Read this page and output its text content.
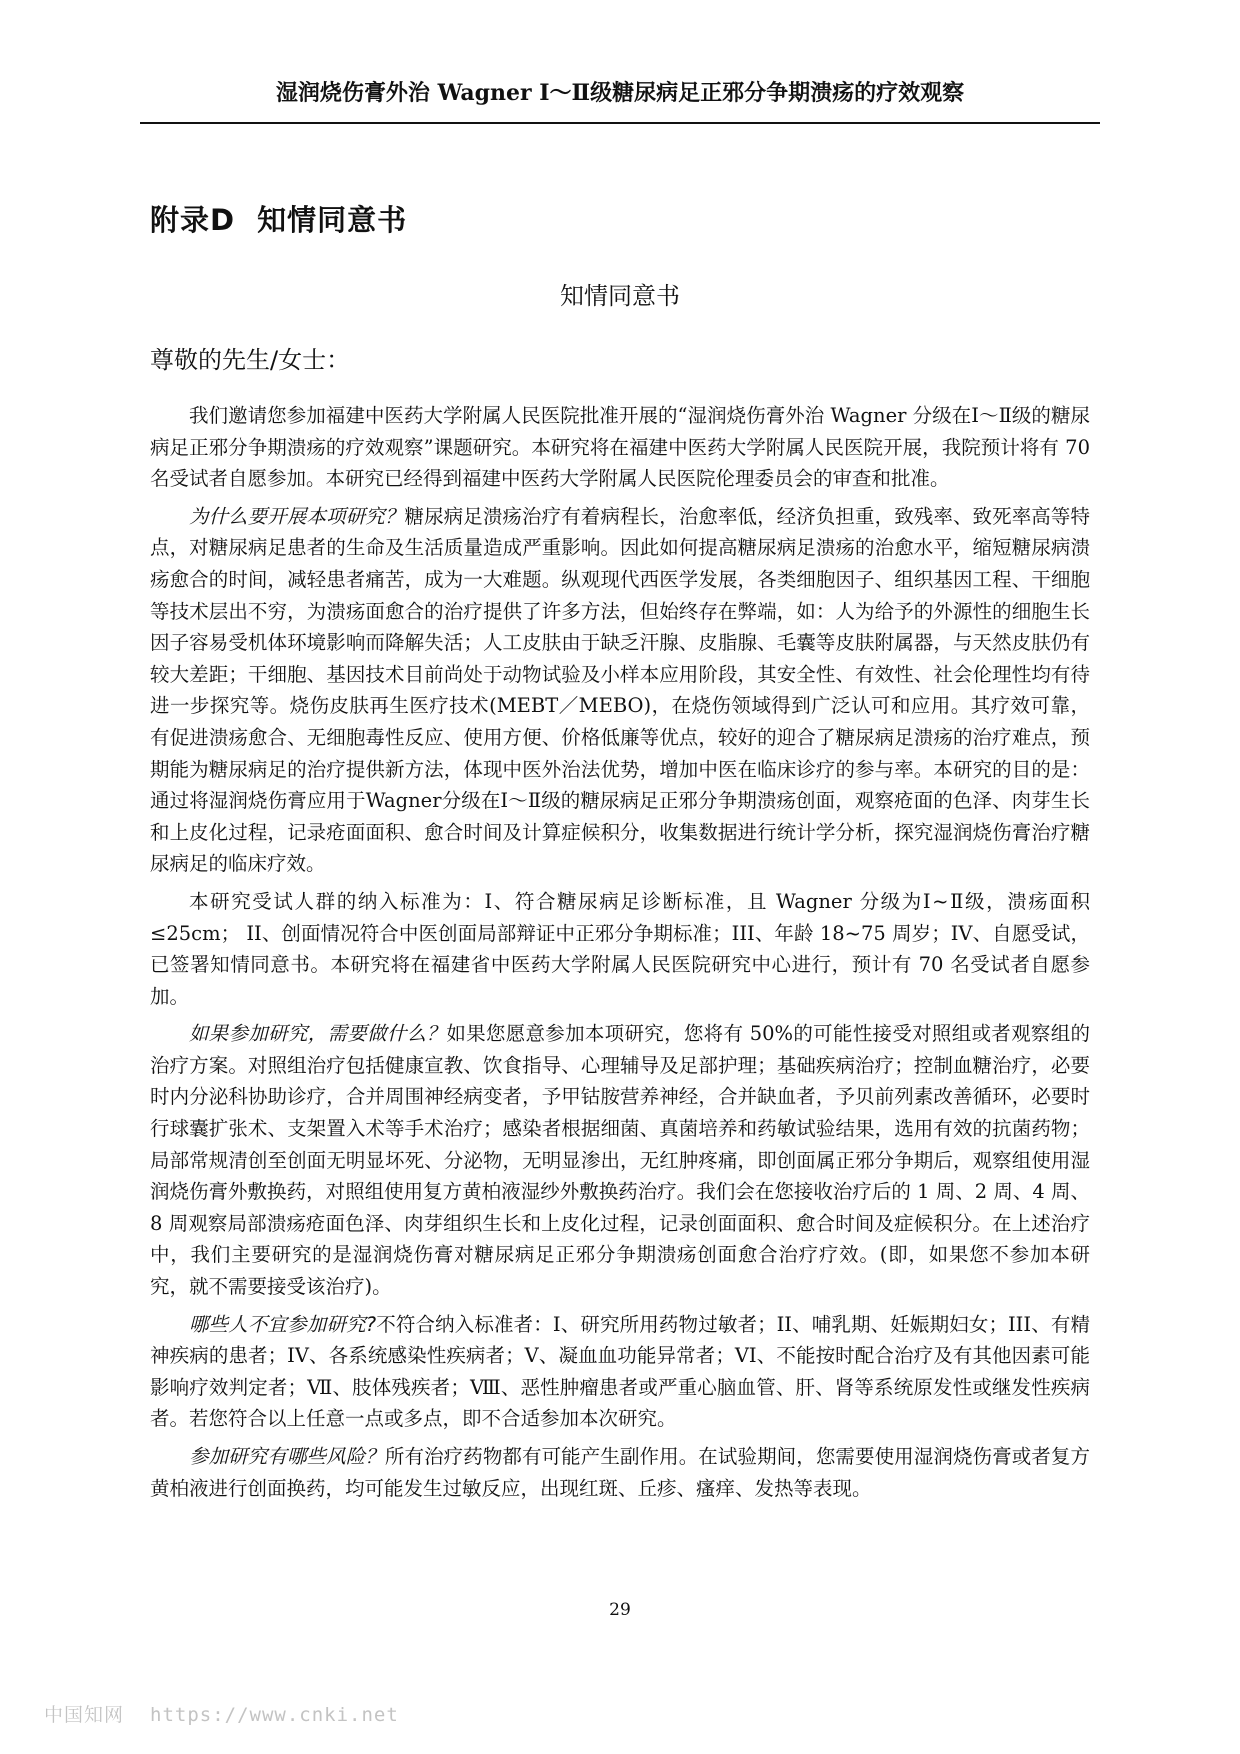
湿润烧伤膏外治 Wagner Ⅰ～Ⅱ级糖尿病足正邪分争期溃疡的疗效观察
附录D 知情同意书
知情同意书
尊敬的先生/女士：

我们邀请您参加福建中医药大学附属人民医院批准开展的“湿润烧伤膏外治 Wagner 分级在Ⅰ～Ⅱ级的糖尿病足正邪分争期溃疡的疗效观察”课题研究。本研究将在福建中医药大学附属人民医院开展，我院预计将有 70 名受试者自愿参加。本研究已经得到福建中医药大学附属人民医院伦理委员会的审查和批准。

为什么要开展本项研究？糖尿病足溃疡治疗有着病程长，治愈率低，经济负担重，致残率、致死率高等特点，对糖尿病足患者的生命及生活质量造成严重影响。因此如何提高糖尿病足溃疡的治愈水平，缩短糖尿病溃疡愈合的时间，减轻患者痛苦，成为一大难题。纵观现代西医学发展，各类细胞因子、组织基因工程、干细胞等技术层出不穷，为溃疡面愈合的治疗提供了许多方法，但始终存在弊端，如：人为给予的外源性的细胞生长因子容易受机体环境影响而降解失活；人工皮肤由于缺乏汗腺、皮脂腺、毛囊等皮肤附属器，与天然皮肤仍有较大差距；干细胞、基因技术目前尚处于动物试验及小样本应用阶段，其安全性、有效性、社会伦理性均有待进一步探究等。烧伤皮肤再生医疗技术(MEBT／MEBO)，在烧伤领域得到广泛认可和应用。其疗效可靠，有促进溃疡愈合、无细胞毒性反应、使用方便、价格低廉等优点，较好的迎合了糖尿病足溃疡的治疗难点，预期能为糖尿病足的治疗提供新方法，体现中医外治法优势，增加中医在临床诊疗的参与率。本研究的目的是：通过将湿润烧伤膏应用于Wagner分级在Ⅰ～Ⅱ级的糖尿病足正邪分争期溃疡创面，观察疮面的色泽、肉芽生长和上皮化过程，记录疮面面积、愈合时间及计算症候积分，收集数据进行统计学分析，探究湿润烧伤膏治疗糖尿病足的临床疗效。

本研究受试人群的纳入标准为：I、符合糖尿病足诊断标准，且 Wagner 分级为Ⅰ~Ⅱ级，溃疡面积≤25cm； II、创面情况符合中医创面局部辩证中正邪分争期标准；III、年龄 18~75 周岁；IV、自愿受试，已签署知情同意书。本研究将在福建省中医药大学附属人民医院研究中心进行，预计有 70 名受试者自愿参加。

如果参加研究，需要做什么？如果您愿意参加本项研究，您将有 50%的可能性接受对照组或者观察组的治疗方案。对照组治疗包括健康宣教、饮食指导、心理辅导及足部护理；基础疾病治疗；控制血糖治疗，必要时内分泌科协助诊疗，合并周围神经病变者，予甲钴胺营养神经，合并缺血者，予贝前列素改善循环，必要时行球囊扩张术、支架置入术等手术治疗；感染者根据细菌、真菌培养和药敏试验结果，选用有效的抗菌药物；局部常规清创至创面无明显坏死、分泌物，无明显渗出，无红肿疼痛，即创面属正邪分争期后，观察组使用湿润烧伤膏外敷换药，对照组使用复方黄柏液湿纱外敷换药治疗。我们会在您接收治疗后的 1 周、2 周、4 周、8 周观察局部溃疡疮面色泽、肉芽组织生长和上皮化过程，记录创面面积、愈合时间及症候积分。在上述治疗中，我们主要研究的是湿润烧伤膏对糖尿病足正邪分争期溃疡创面愈合治疗疗效。(即，如果您不参加本研究，就不需要接受该治疗)。

哪些人不宜参加研究?不符合纳入标准者：I、研究所用药物过敏者；II、哺乳期、妊娠期妇女；III、有精神疾病的患者；IV、各系统感染性疾病者；V、凝血血功能异常者；VI、不能按时配合治疗及有其他因素可能影响疗效判定者；Ⅶ、肢体残疾者；Ⅷ、恶性肿瘤患者或严重心脑血管、肝、肾等系统原发性或继发性疾病者。若您符合以上任意一点或多点，即不合适参加本次研究。

参加研究有哪些风险？所有治疗药物都有可能产生副作用。在试验期间，您需要使用湿润烧伤膏或者复方黄柏液进行创面换药，均可能发生过敏反应，出现红斑、丘疹、瘙痒、发热等表现。

29
中国知网 https://www.cnki.net
